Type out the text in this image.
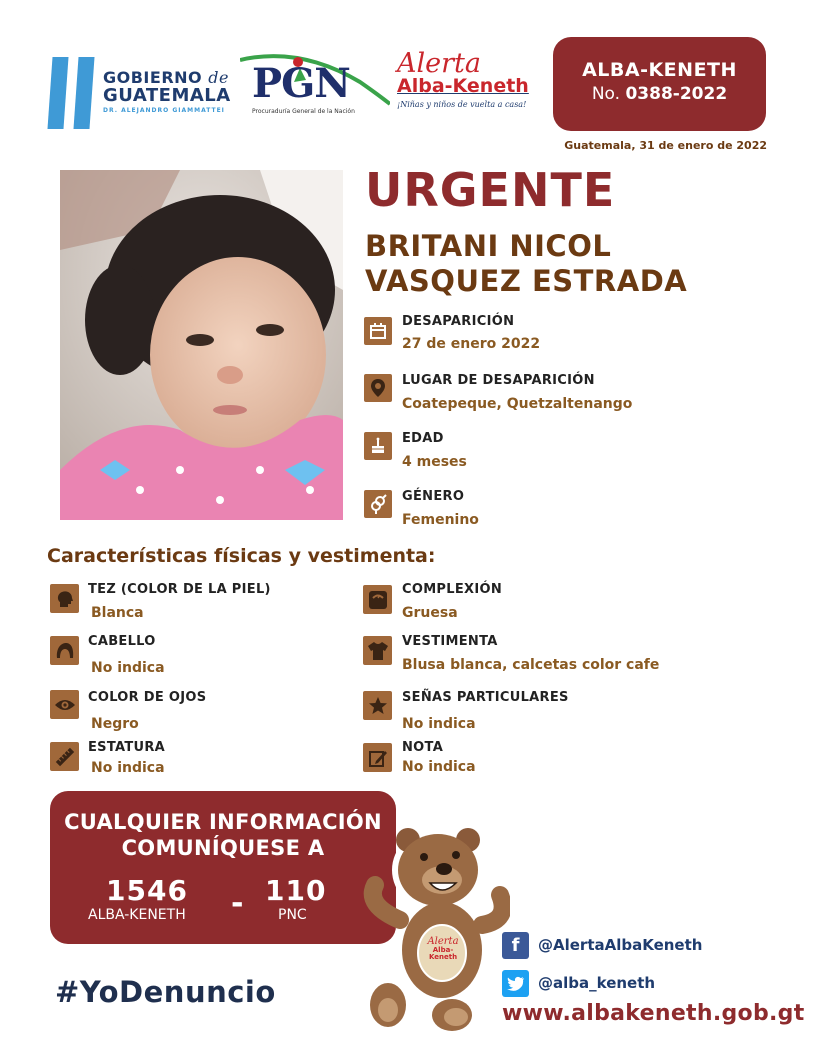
GOBIERNO de
GUATEMALA
DR. ALEJANDRO GIAMMATTEI
PGN
Procuraduría General de la Nación
Alerta
Alba-Keneth
¡Niñas y niños de vuelta a casa!
ALBA-KENETH
No. 0388-2022
Guatemala, 31 de enero de 2022
URGENTE
BRITANI NICOL
VASQUEZ ESTRADA
DESAPARICIÓN
27 de enero 2022
LUGAR DE DESAPARICIÓN
Coatepeque, Quetzaltenango
EDAD
4 meses
GÉNERO
Femenino
Características físicas y vestimenta:
TEZ (COLOR DE LA PIEL)
Blanca
CABELLO
No indica
COLOR DE OJOS
Negro
ESTATURA
No indica
COMPLEXIÓN
Gruesa
VESTIMENTA
Blusa blanca, calcetas color cafe
SEÑAS PARTICULARES
No indica
NOTA
No indica
CUALQUIER INFORMACIÓN
COMUNÍQUESE A
1546
ALBA-KENETH - 110
PNC
Alerta
Alba-Keneth
#YoDenuncio
f	@AlertaAlbaKeneth
@alba_keneth
www.albakeneth.gob.gt
